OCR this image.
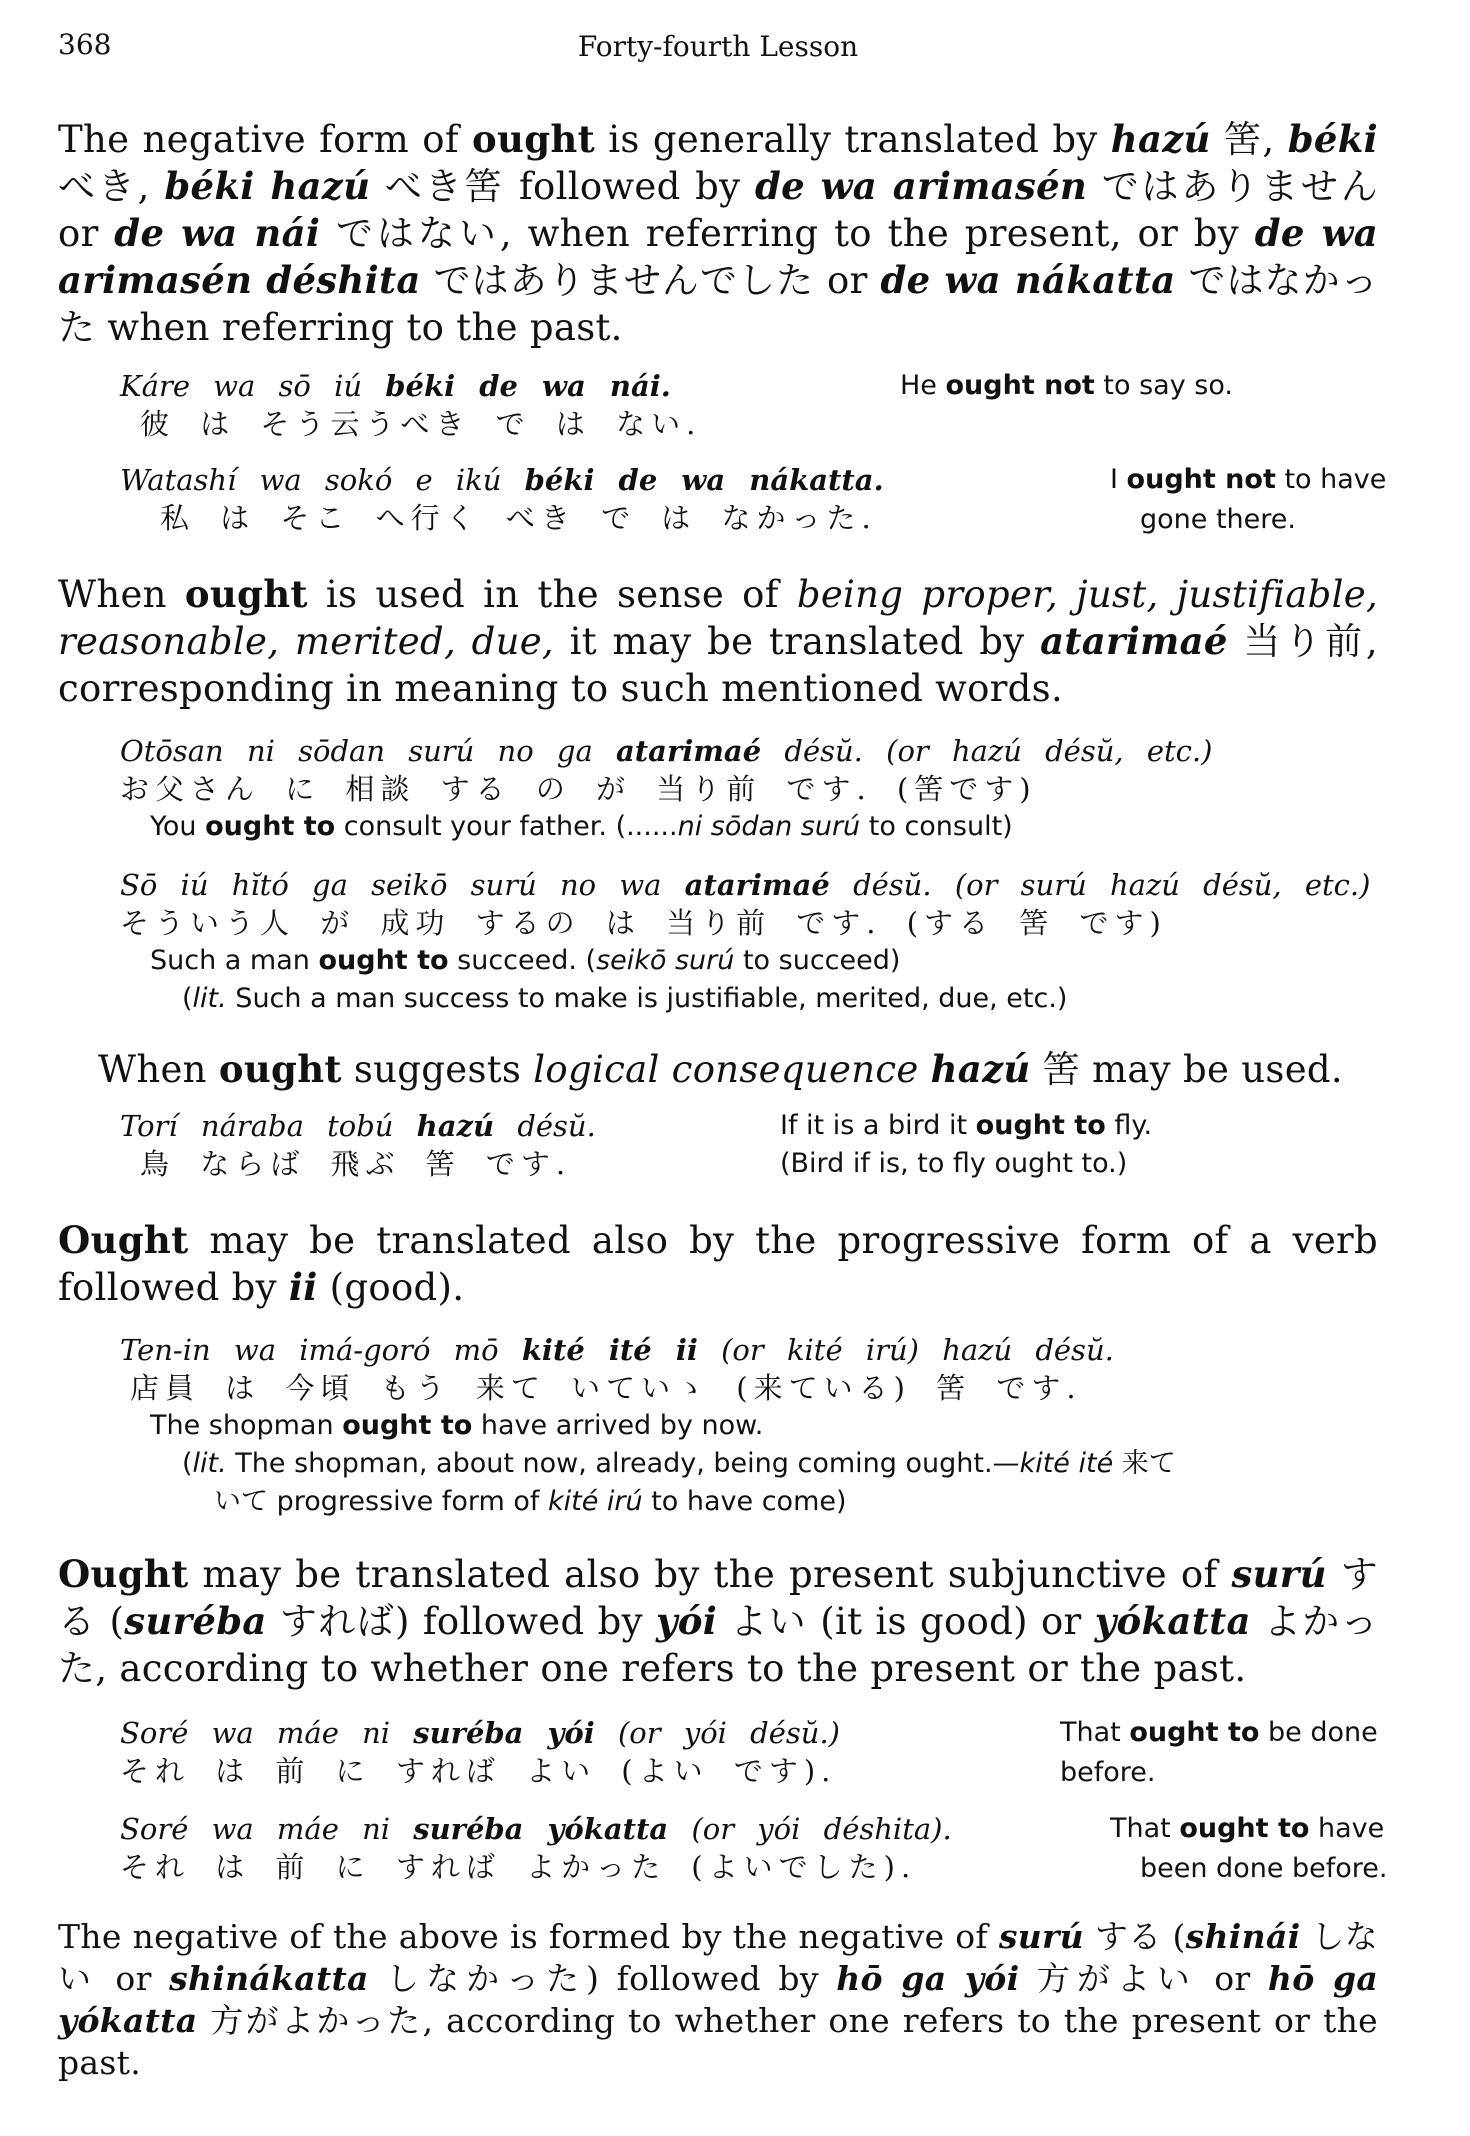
368	Forty-fourth Lesson

The negative form of ought is generally translated by hazú 筈, béki べき, béki hazú べき筈 followed by de wa arimasén ではありません or de wa nái ではない, when referring to the present, or by de wa arimasén déshita ではありませんでした or de wa nákatta ではなかった when referring to the past.

Káre wa sō iú béki de wa nái.
彼 は そう云うべき で は ない.
He ought not to say so.
Watashí wa sokó e ikú béki de wa nákatta.
私 は そこ へ行く べき で は なかった.
I ought not to have
gone there.

When ought is used in the sense of being proper, just, justifiable, reasonable, merited, due, it may be translated by atarimaé 当り前, corresponding in meaning to such mentioned words.

Otōsan ni sōdan surú no ga atarimaé désŭ. (or hazú désŭ, etc.)
お父さん に 相談 する の が 当り前 です. (筈です)
You ought to consult your father. (......ni sōdan surú to consult)
Sō iú hĭtó ga seikō surú no wa atarimaé désŭ. (or surú hazú désŭ, etc.)
そういう人 が 成功 するの は 当り前 です. (する 筈 です)
Such a man ought to succeed. (seikō surú to succeed)
(lit. Such a man success to make is justifiable, merited, due, etc.)

When ought suggests logical consequence hazú 筈 may be used.

Torí náraba tobú hazú désŭ.
鳥 ならば 飛ぶ 筈 です.
If it is a bird it ought to fly.
(Bird if is, to fly ought to.)

Ought may be translated also by the progressive form of a verb followed by ii (good).

Ten-in wa imá-goró mō kité ité ii (or kité irú) hazú désŭ.
店員 は 今頃 もう 来て いていゝ (来ている) 筈 です.
The shopman ought to have arrived by now.
(lit. The shopman, about now, already, being coming ought.—kité ité 来て
いて progressive form of kité irú to have come)

Ought may be translated also by the present subjunctive of surú する (suréba すれば) followed by yói よい (it is good) or yókatta よかった, according to whether one refers to the present or the past.

Soré wa máe ni suréba yói (or yói désŭ.)
それ は 前 に すれば よい (よい です).
That ought to be done
before.
Soré wa máe ni suréba yókatta (or yói déshita).
それ は 前 に すれば よかった (よいでした).
That ought to have
been done before.

The negative of the above is formed by the negative of surú する (shinái しない or shinákatta しなかった) followed by hō ga yói 方がよい or hō ga yókatta 方がよかった, according to whether one refers to the present or the past.
